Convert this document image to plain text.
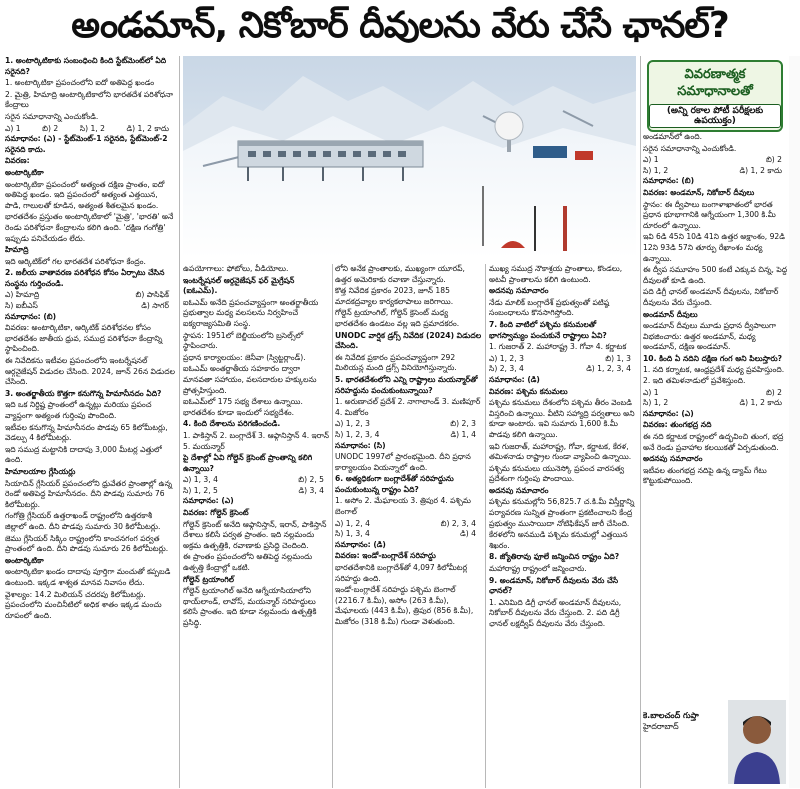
అండమాన్, నికోబార్ దీవులను వేరు చేసే ఛానల్?

1. అంటార్కిటికాకు సంబంధించి కింది స్టేట్‌మెంట్‌లో ఏది సరైనది?

1. అంటార్కిటికా ప్రపంచంలోని ఐదో అతిపెద్ద ఖండం

2. మైత్రి, హిమాద్రి అంటార్కిటికాలోని భారతదేశ పరిశోధనా కేంద్రాలు

సరైన సమాధానాన్ని ఎంచుకోండి.

ఎ) 1	బి) 2	సి) 1, 2	డి) 1, 2 కాదు

సమాధానం: (ఎ) - స్టేట్‌మెంట్-1 సరైనది, స్టేట్‌మెంట్-2 సరైనది కాదు.

వివరణ:

అంటార్కిటికా

అంటార్కిటికా ప్రపంచంలో అత్యంత దక్షిణ ప్రాంతం, ఐదో అతిపెద్ద ఖండం. ఇది ప్రపంచంలో అత్యంత ఎత్తయిన, పొడి, గాలులతో కూడిన, అత్యంత శీతలమైన ఖండం.

భారతదేశం ప్రస్తుతం అంటార్కిటికాలో 'మైత్రి', 'భారతి' అనే రెండు పరిశోధనా కేంద్రాలను కలిగి ఉంది. 'దక్షిణ గంగోత్రి' ఇప్పుడు పనిచేయడం లేదు.

హిమాద్రి

ఇది ఆర్కిటిక్‌లో గల భారతదేశ పరిశోధనా కేంద్రం.

2. జలీయ వాతావరణ పరిశోధన కోసం ఏర్పాటు చేసిన సంస్థను గుర్తించండి.

ఎ) హిమాద్రి	బి) పాసిఫిక్
సి) ఐబీఎస్	డి) సాగర్

సమాధానం: (బి)

వివరణ: అంటార్కిటికా, ఆర్కిటిక్ పరిశోధనల కోసం భారతదేశం జాతీయ ధ్రువ, సముద్ర పరిశోధనా కేంద్రాన్ని స్థాపించింది.

ఈ నివేదికను ఇటీవల ప్రపంచంలోని ఇంటర్నేషనల్ ఆర్గనైజేషన్ విడుదల చేసింది. 2024, జూన్ 26న విడుదల చేసింది.

3. అంతర్జాతీయ కొత్తగా కనుగొన్న హిమానీనదం ఏది?

ఇది ఒక నిర్దిష్ట ప్రాంతంలో ఉన్నట్లు మరియు ప్రపంచ వ్యాప్తంగా అత్యంత గుర్తింపు పొందింది.

ఇటీవల కనుగొన్న హిమానీనదం పొడవు 65 కిలోమీటర్లు, వెడల్పు 4 కిలోమీటర్లు.

ఇది సముద్ర మట్టానికి దాదాపు 3,000 మీటర్ల ఎత్తులో ఉంది.

హిమాలయాల గ్లేసియర్లు

సియాచిన్ గ్లేసియర్ ప్రపంచంలోని ధ్రువేతర ప్రాంతాల్లో ఉన్న రెండో అతిపెద్ద హిమానీనదం. దీని పొడవు సుమారు 76 కిలోమీటర్లు.

గంగోత్రి గ్లేసియర్ ఉత్తరాఖండ్ రాష్ట్రంలోని ఉత్తరకాశీ జిల్లాలో ఉంది. దీని పొడవు సుమారు 30 కిలోమీటర్లు.

జెము గ్లేసియర్ సిక్కిం రాష్ట్రంలోని కాంచనగంగ పర్వత ప్రాంతంలో ఉంది. దీని పొడవు సుమారు 26 కిలోమీటర్లు.

అంటార్కిటికా

అంటార్కిటికా ఖండం దాదాపు పూర్తిగా మంచుతో కప్పబడి ఉంటుంది. ఇక్కడ శాశ్వత మానవ నివాసం లేదు.

వైశాల్యం: 14.2 మిలియన్ చదరపు కిలోమీటర్లు. ప్రపంచంలోని మంచినీటిలో అధిక శాతం ఇక్కడ మంచు రూపంలో ఉంది.

ఉపయోగాలు: ఫోటోలు, వీడియోలు.

ఇంటర్నేషనల్ ఆర్గనైజేషన్ ఫర్ మైగ్రేషన్ (ఐఓఎమ్).

ఐఓఎమ్ అనేది ప్రపంచవ్యాప్తంగా అంతర్జాతీయ ప్రభుత్వాల మధ్య వలసలను నిర్వహించే ఐక్యరాజ్యసమితి సంస్థ.

స్థాపన: 1951లో బెల్జియంలోని బ్రసెల్స్‌లో స్థాపించారు.

ప్రధాన కార్యాలయం: జెనీవా (స్విట్జర్లాండ్).

ఐఓఎమ్ అంతర్జాతీయ సహకారం ద్వారా మానవతా సహాయం, వలసదారుల హక్కులను ప్రోత్సహిస్తుంది.

ఐఓఎమ్‌లో 175 సభ్య దేశాలు ఉన్నాయి. భారతదేశం కూడా ఇందులో సభ్యదేశం.

4. కింది దేశాలను పరిగణించండి.

1. పాకిస్తాన్ 2. బంగ్లాదేశ్ 3. ఆఫ్గానిస్తాన్ 4. ఇరాన్ 5. మయన్మార్

పై దేశాల్లో ఏవి గోల్డెన్ క్రెసెంట్ ప్రాంతాన్ని కలిగి ఉన్నాయి?

ఎ) 1, 3, 4	బి) 2, 5
సి) 1, 2, 5	డి) 3, 4

సమాధానం: (ఎ)

వివరణ: గోల్డెన్ క్రెసెంట్

గోల్డెన్ క్రెసెంట్ అనేది ఆఫ్గానిస్తాన్, ఇరాన్, పాకిస్తాన్ దేశాలు కలిసే పర్వత ప్రాంతం. ఇది నల్లమందు అక్రమ ఉత్పత్తికి, రవాణాకు ప్రసిద్ధి చెందింది.

ఈ ప్రాంతం ప్రపంచంలోని అతిపెద్ద నల్లమందు ఉత్పత్తి కేంద్రాల్లో ఒకటి.

గోల్డెన్ ట్రయాంగిల్

గోల్డెన్ ట్రయాంగిల్ అనేది ఆగ్నేయాసియాలోని థాయ్‌లాండ్, లావోస్, మయన్మార్ సరిహద్దులు కలిసే ప్రాంతం. ఇది కూడా నల్లమందు ఉత్పత్తికి ప్రసిద్ధి.

లోని అనేక ప్రాంతాలకు, ముఖ్యంగా యూరప్, ఉత్తర అమెరికాకు రవాణా చేస్తున్నారు.

కొత్త నివేదిక ప్రకారం 2023, జూన్ 185 మాదకద్రవ్యాల కార్యకలాపాలు జరిగాయి.

గోల్డెన్ ట్రయాంగిల్, గోల్డెన్ క్రెసెంట్ మధ్య భారతదేశం ఉండటం వల్ల ఇది ప్రమాదకరం.

UNODC వార్షిక డ్రగ్స్ నివేదిక (2024) విడుదల చేసింది.

ఈ నివేదిక ప్రకారం ప్రపంచవ్యాప్తంగా 292 మిలియన్ల మంది డ్రగ్స్ వినియోగిస్తున్నారు.

5. భారతదేశంలోని ఎన్ని రాష్ట్రాలు మయన్మార్‌తో సరిహద్దును పంచుకుంటున్నాయి?

1. అరుణాచల్ ప్రదేశ్ 2. నాగాలాండ్ 3. మణిపూర్ 4. మిజోరం

ఎ) 1, 2, 3	బి) 2, 3
సి) 1, 2, 3, 4	డి) 1, 4

సమాధానం: (సి)

UNODC 1997లో ప్రారంభమైంది. దీని ప్రధాన కార్యాలయం వియన్నాలో ఉంది.

6. అత్యధికంగా బంగ్లాదేశ్‌తో సరిహద్దును పంచుకుంటున్న రాష్ట్రం ఏది?

1. అసోం 2. మేఘాలయ 3. త్రిపుర 4. పశ్చిమ బెంగాల్

ఎ) 1, 2, 4	బి) 2, 3, 4
సి) 1, 3, 4	డి) 4

సమాధానం: (డి)

వివరణ: ఇండో-బంగ్లాదేశ్ సరిహద్దు

భారతదేశానికి బంగ్లాదేశ్‌తో 4,097 కిలోమీటర్ల సరిహద్దు ఉంది.

ఇండో-బంగ్లాదేశ్ సరిహద్దు పశ్చిమ బెంగాల్ (2216.7 కి.మీ), అసోం (263 కి.మీ), మేఘాలయ (443 కి.మీ), త్రిపుర (856 కి.మీ), మిజోరం (318 కి.మీ) గుండా వెళుతుంది.

ముఖ్య సముద్ర నౌకాశ్రయ ప్రాంతాలు, కొండలు, అటవీ ప్రాంతాలను కలిగి ఉంటుంది.

అదనపు సమాచారం

నేడు మాలిక్ బంగ్లాదేశ్ ప్రభుత్వంతో పటిష్ఠ సంబంధాలను కొనసాగిస్తోంది.

7. కింది వాటిలో పశ్చిమ కనుమలతో భాగస్వామ్యం పంచుకునే రాష్ట్రాలు ఏవి?

1. గుజరాత్ 2. మహారాష్ట్ర 3. గోవా 4. కర్ణాటక

ఎ) 1, 2, 3	బి) 1, 3
సి) 2, 3, 4	డి) 1, 2, 3, 4

సమాధానం: (డి)

వివరణ: పశ్చిమ కనుమలు

పశ్చిమ కనుమలు దేశంలోని పశ్చిమ తీరం వెంబడి విస్తరించి ఉన్నాయి. వీటిని సహ్యాద్రి పర్వతాలు అని కూడా అంటారు. ఇవి సుమారు 1,600 కి.మీ పొడవు కలిగి ఉన్నాయి.

ఇవి గుజరాత్, మహారాష్ట్ర, గోవా, కర్ణాటక, కేరళ, తమిళనాడు రాష్ట్రాల గుండా వ్యాపించి ఉన్నాయి.

పశ్చిమ కనుమలు యునెస్కో ప్రపంచ వారసత్వ ప్రదేశంగా గుర్తింపు పొందాయి.

అదనపు సమాచారం

పశ్చిమ కనుమల్లోని 56,825.7 చ.కి.మీ విస్తీర్ణాన్ని పర్యావరణ సున్నిత ప్రాంతంగా ప్రకటించాలని కేంద్ర ప్రభుత్వం ముసాయిదా నోటిఫికేషన్ జారీ చేసింది.

కేరళలోని అనముడి పశ్చిమ కనుమల్లో ఎత్తయిన శిఖరం.

8. జ్యోతిరావు ఫూలే జన్మించిన రాష్ట్రం ఏది?

మహారాష్ట్ర రాష్ట్రంలో జన్మించారు.

9. అండమాన్, నికోబార్ దీవులను వేరు చేసే ఛానల్?

1. ఎనిమిది డిగ్రీ ఛానల్ అండమాన్ దీవులను, నికోబార్ దీవులను వేరు చేస్తుంది. 2. పది డిగ్రీ ఛానల్ లక్షద్వీప్ దీవులను వేరు చేస్తుంది.

వివరణాత్మక
సమాధానాలతో
(అన్ని రకాల పోటీ పరీక్షలకు ఉపయుక్తం)

అండమాన్‌లో ఉంది.

సరైన సమాధానాన్ని ఎంచుకోండి.

ఎ) 1	బి) 2
సి) 1, 2	డి) 1, 2 కాదు

సమాధానం: (బి)

వివరణ: అండమాన్, నికోబార్ దీవులు

స్థానం: ఈ ద్వీపాలు బంగాళాఖాతంలో భారత ప్రధాన భూభాగానికి ఆగ్నేయంగా 1,300 కి.మీ దూరంలో ఉన్నాయి.

ఇవి 6డి 45ని 10డి 41ని ఉత్తర అక్షాంశం, 92డి 12ని 93డి 57ని తూర్పు రేఖాంశం మధ్య ఉన్నాయి.

ఈ ద్వీప సమూహం 500 కంటే ఎక్కువ చిన్న, పెద్ద దీవులతో కూడి ఉంది.

పది డిగ్రీ ఛానల్ అండమాన్ దీవులను, నికోబార్ దీవులను వేరు చేస్తుంది.

అండమాన్ దీవులు

అండమాన్ దీవులు మూడు ప్రధాన ద్వీపాలుగా విభజించారు: ఉత్తర అండమాన్, మధ్య అండమాన్, దక్షిణ అండమాన్.

10. కింది ఏ నదిని దక్షిణ గంగ అని పిలుస్తారు?

1. నది కర్నాటక, ఆంధ్రప్రదేశ్ మధ్య ప్రవహిస్తుంది. 2. ఇది తమిళనాడులో ప్రవేశిస్తుంది.

ఎ) 1	బి) 2
సి) 1, 2	డి) 1, 2 కాదు

సమాధానం: (ఎ)

వివరణ: తుంగభద్ర నది

ఈ నది కర్ణాటక రాష్ట్రంలో ఉద్భవించి తుంగ, భద్ర అనే రెండు ప్రవాహాల కలయికతో ఏర్పడుతుంది.

అదనపు సమాచారం

ఇటీవల తుంగభద్ర నదిపై ఉన్న డ్యామ్ గేటు కొట్టుకుపోయింది.

కె.బాలచంద్ గుప్తా
హైదరాబాద్
